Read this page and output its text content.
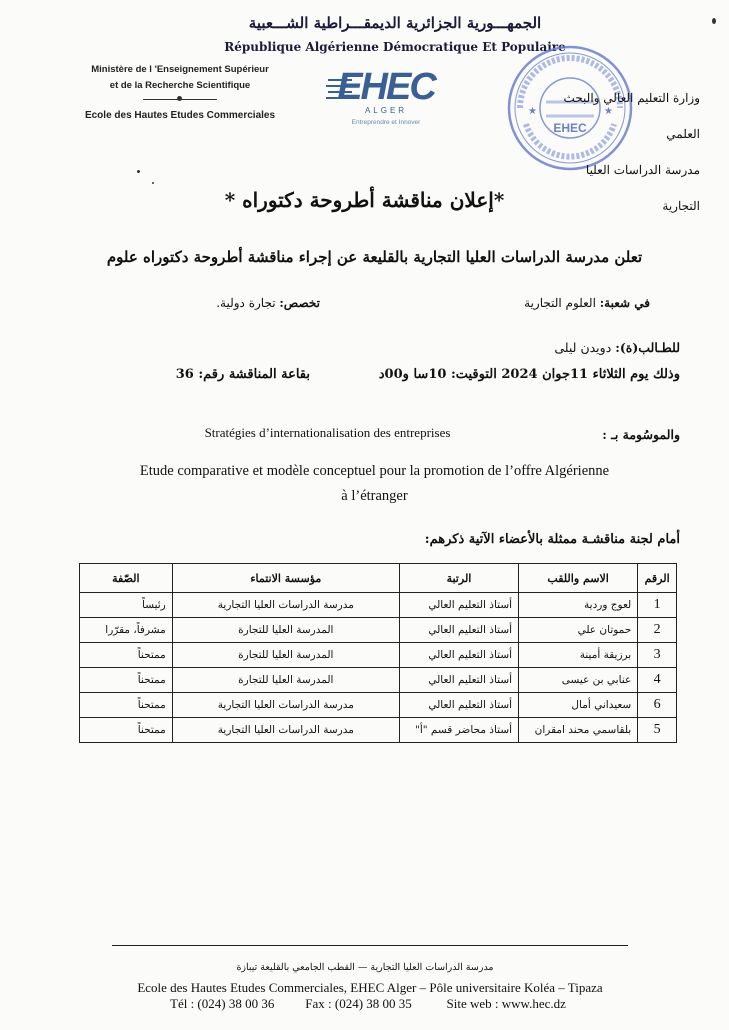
الجمهـــورية الجزائرية الديمقـــراطية الشـــعبية
République Algérienne Démocratique Et Populaire
Ministère de l 'Enseignement Supérieur
et de la Recherche Scientifique
Ecole des Hautes Etudes Commerciales
EHEC
ALGER
Entreprendre et Innover	EHEC
★	★
وزارة التعليم العالي والبحث العلمي
مدرسة الدراسات العليا التجارية
*إعلان مناقشة أطروحة دكتوراه *
تعلن مدرسة الدراسات العليا التجارية بالقليعة عن إجراء مناقشة أطروحة دكتوراه علوم
في شعبة: العلوم التجارية
تخصص: تجارة دولية.
للطـالب(ة): دويدن ليلى
وذلك يوم الثلاثاء 11جوان 2024 التوقيت: 10سا و00د
بقاعة المناقشة رقم: 36
والموسُومة بـ :
Stratégies d’internationalisation des entreprises
Etude comparative et modèle conceptuel pour la promotion de l’offre Algérienne
à l’étranger
أمام لجنة مناقشـة ممثلة بالأعضاء الآتية ذكرهم:
الرقم	الاسم واللقب	الرتبة	مؤسسة الانتماء	الصّفة
1	لعوج وردية	أستاذ التعليم العالي	مدرسة الدراسات العليا التجارية	رئيساً
2	حموتان علي	أستاذ التعليم العالي	المدرسة العليا للتجارة	مشرفاً، مقرّرا
3	برزيقة أمينة	أستاذ التعليم العالي	المدرسة العليا للتجارة	ممتحناً
4	عنابي بن عيسى	أستاذ التعليم العالي	المدرسة العليا للتجارة	ممتحناً
6	سعيداني أمال	أستاذ التعليم العالي	مدرسة الدراسات العليا التجارية	ممتحناً
5	بلقاسمي محند امقران	أستاذ محاضر قسم "أ"	مدرسة الدراسات العليا التجارية	ممتحناً
مدرسة الدراسات العليا التجارية — القطب الجامعي بالقليعة تيبازة
Ecole des Hautes Etudes Commerciales, EHEC Alger – Pôle universitaire Koléa – Tipaza
Tél : (024) 38 00 36 Fax : (024) 38 00 35	Site web : www.hec.dz
